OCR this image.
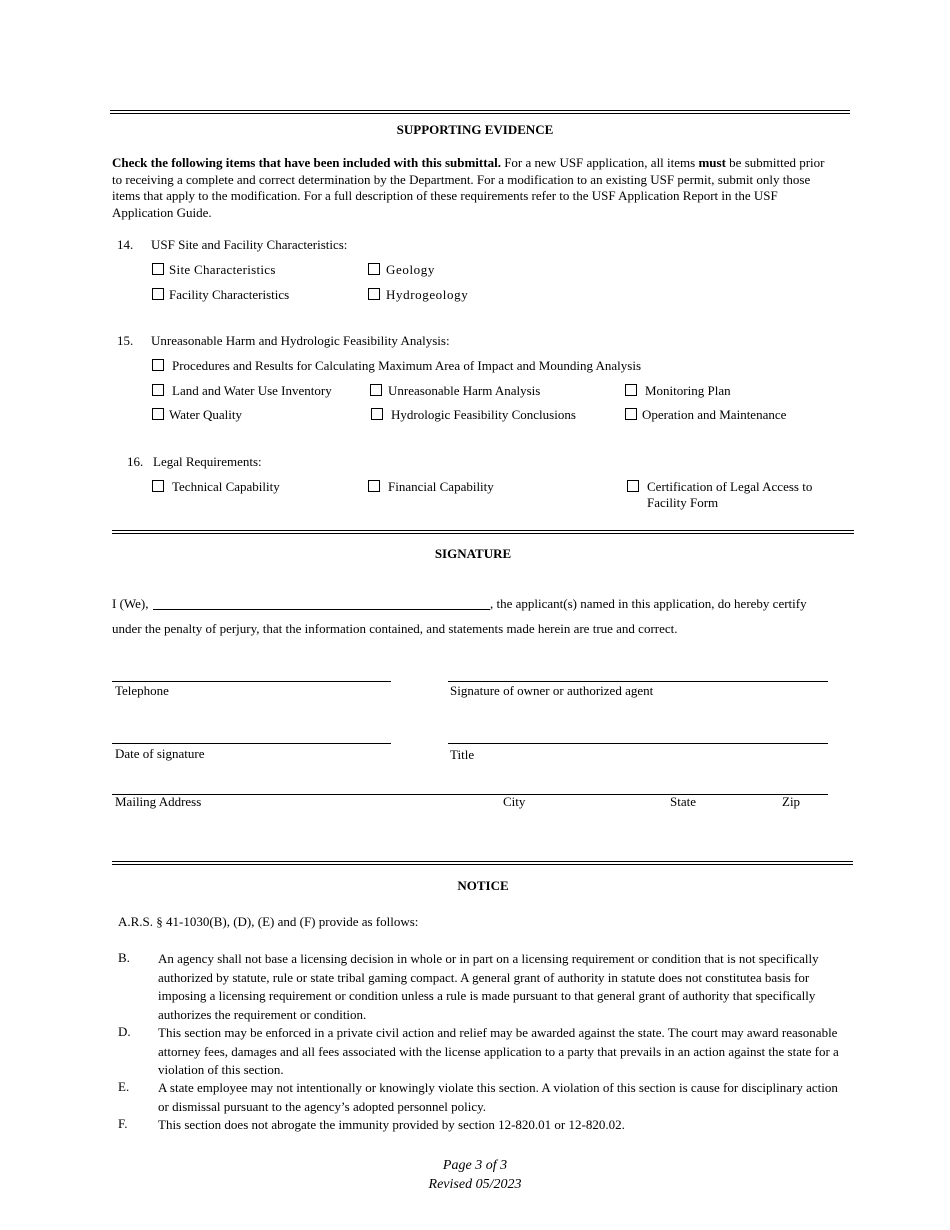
SUPPORTING EVIDENCE
Check the following items that have been included with this submittal. For a new USF application, all items must be submitted prior to receiving a complete and correct determination by the Department. For a modification to an existing USF permit, submit only those items that apply to the modification. For a full description of these requirements refer to the USF Application Report in the USF Application Guide.
14. USF Site and Facility Characteristics:
Site Characteristics	Geology
Facility Characteristics	Hydrogeology
15. Unreasonable Harm and Hydrologic Feasibility Analysis:
Procedures and Results for Calculating Maximum Area of Impact and Mounding Analysis
Land and Water Use Inventory	Unreasonable Harm Analysis	Monitoring Plan
Water Quality	Hydrologic Feasibility Conclusions	Operation and Maintenance
16. Legal Requirements:
Technical Capability	Financial Capability	Certification of Legal Access to
Facility Form
SIGNATURE
I (We),	, the applicant(s) named in this application, do hereby certify
under the penalty of perjury, that the information contained, and statements made herein are true and correct.
Telephone	Signature of owner or authorized agent
Date of signature	Title
Mailing Address	City	State	Zip
NOTICE
A.R.S. § 41-1030(B), (D), (E) and (F) provide as follows:
B. An agency shall not base a licensing decision in whole or in part on a licensing requirement or condition that is not specifically authorized by statute, rule or state tribal gaming compact. A general grant of authority in statute does not constitutea basis for imposing a licensing requirement or condition unless a rule is made pursuant to that general grant of authority that specifically authorizes the requirement or condition.
D. This section may be enforced in a private civil action and relief may be awarded against the state. The court may award reasonable attorney fees, damages and all fees associated with the license application to a party that prevails in an action against the state for a violation of this section.
E. A state employee may not intentionally or knowingly violate this section. A violation of this section is cause for disciplinary action or dismissal pursuant to the agency’s adopted personnel policy.
F. This section does not abrogate the immunity provided by section 12-820.01 or 12-820.02.
Page 3 of 3
Revised 05/2023
